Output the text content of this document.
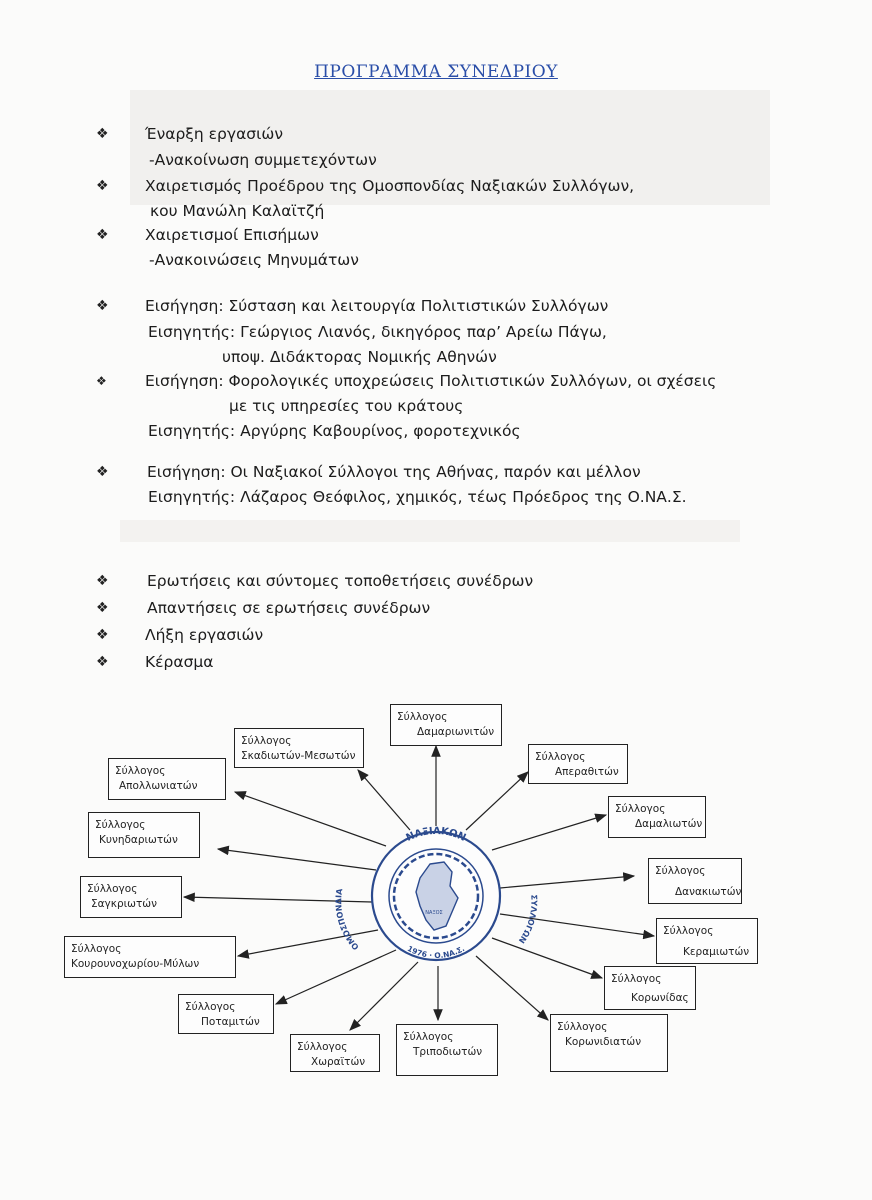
ΠΡΟΓΡΑΜΜΑ ΣΥΝΕΔΡΙΟΥ
❖ Έναρξη εργασιών
-Ανακοίνωση συμμετεχόντων
❖ Χαιρετισμός Προέδρου της Ομοσπονδίας Ναξιακών Συλλόγων,
κου Μανώλη Καλαϊτζή
❖ Χαιρετισμοί Επισήμων
-Ανακοινώσεις Μηνυμάτων
❖ Εισήγηση: Σύσταση και λειτουργία Πολιτιστικών Συλλόγων
Εισηγητής: Γεώργιος Λιανός, δικηγόρος παρ’ Αρείω Πάγω,
υποψ. Διδάκτορας Νομικής Αθηνών
❖ Εισήγηση: Φορολογικές υποχρεώσεις Πολιτιστικών Συλλόγων, οι σχέσεις
με τις υπηρεσίες του κράτους
Εισηγητής: Αργύρης Καβουρίνος, φοροτεχνικός
❖ Εισήγηση: Οι Ναξιακοί Σύλλογοι της Αθήνας, παρόν και μέλλον
Εισηγητής: Λάζαρος Θεόφιλος, χημικός, τέως Πρόεδρος της Ο.ΝΑ.Σ.
❖ Ερωτήσεις και σύντομες τοποθετήσεις συνέδρων
❖ Απαντήσεις σε ερωτήσεις συνέδρων
❖ Λήξη εργασιών
❖ Κέρασμα
ΝΑΞΙΑΚΩΝ
ΟΜΟΣΠΟΝΔΙΑ
ΣΥΛΛΟΓΩΝ
1976 · Ο.ΝΑ.Σ.
ΝΑΞΟΣ
Σύλλογος
Δαμαριωνιτών
Σύλλογος
Απεραθιτών
Σύλλογος
Δαμαλιωτών
Σύλλογος
Δανακιωτών
Σύλλογος
Κεραμιωτών
Σύλλογος
Κορωνίδας
Σύλλογος
Κορωνιδιατών
Σύλλογος
Τριποδιωτών
Σύλλογος
Χωραϊτών
Σύλλογος
Ποταμιτών
Σύλλογος
Κουρουνοχωρίου-Μύλων
Σύλλογος
Σαγκριωτών
Σύλλογος
Κυνηδαριωτών
Σύλλογος
Απολλωνιατών
Σύλλογος
Σκαδιωτών-Μεσωτών
